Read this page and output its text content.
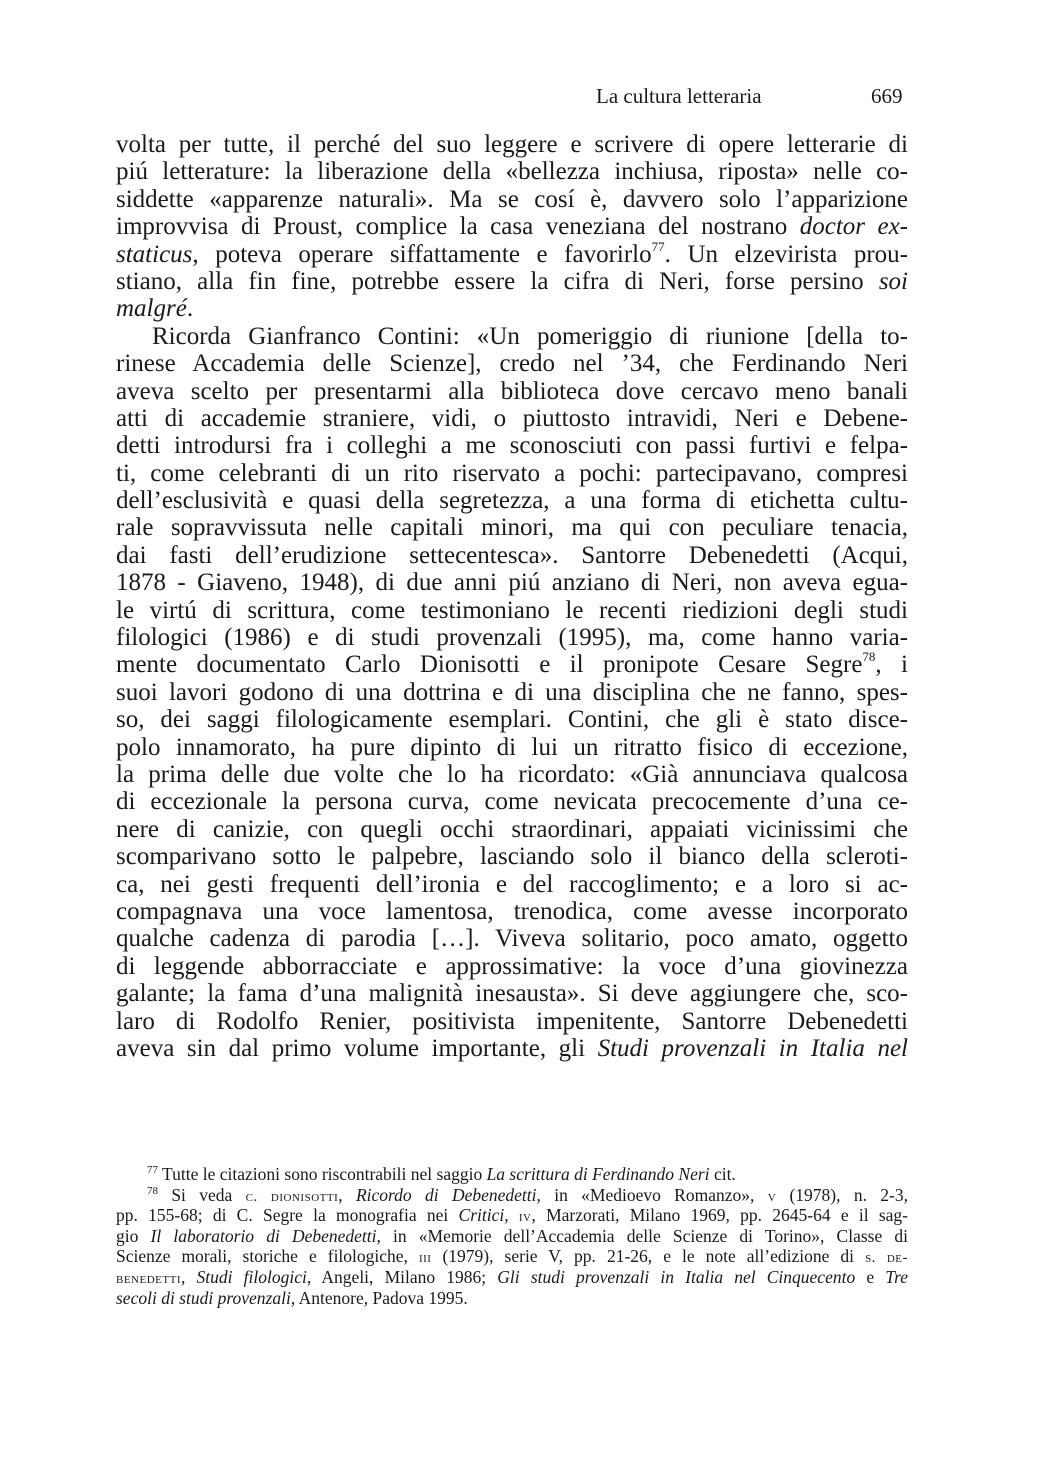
La cultura letteraria	669
volta per tutte, il perché del suo leggere e scrivere di opere letterarie di
piú letterature: la liberazione della «bellezza inchiusa, riposta» nelle co-
siddette «apparenze naturali». Ma se cosí è, davvero solo l’apparizione
improvvisa di Proust, complice la casa veneziana del nostrano doctor ex-
staticus, poteva operare siffattamente e favorirlo$^{77}$. Un elzevirista prou-
stiano, alla fin fine, potrebbe essere la cifra di Neri, forse persino soi
malgré.
Ricorda Gianfranco Contini: «Un pomeriggio di riunione [della to-
rinese Accademia delle Scienze], credo nel ’34, che Ferdinando Neri
aveva scelto per presentarmi alla biblioteca dove cercavo meno banali
atti di accademie straniere, vidi, o piuttosto intravidi, Neri e Debene-
detti introdursi fra i colleghi a me sconosciuti con passi furtivi e felpa-
ti, come celebranti di un rito riservato a pochi: partecipavano, compresi
dell’esclusività e quasi della segretezza, a una forma di etichetta cultu-
rale sopravvissuta nelle capitali minori, ma qui con peculiare tenacia,
dai fasti dell’erudizione settecentesca». Santorre Debenedetti (Acqui,
1878 - Giaveno, 1948), di due anni piú anziano di Neri, non aveva egua-
le virtú di scrittura, come testimoniano le recenti riedizioni degli studi
filologici (1986) e di studi provenzali (1995), ma, come hanno varia-
mente documentato Carlo Dionisotti e il pronipote Cesare Segre$^{78}$, i
suoi lavori godono di una dottrina e di una disciplina che ne fanno, spes-
so, dei saggi filologicamente esemplari. Contini, che gli è stato disce-
polo innamorato, ha pure dipinto di lui un ritratto fisico di eccezione,
la prima delle due volte che lo ha ricordato: «Già annunciava qualcosa
di eccezionale la persona curva, come nevicata precocemente d’una ce-
nere di canizie, con quegli occhi straordinari, appaiati vicinissimi che
scomparivano sotto le palpebre, lasciando solo il bianco della scleroti-
ca, nei gesti frequenti dell’ironia e del raccoglimento; e a loro si ac-
compagnava una voce lamentosa, trenodica, come avesse incorporato
qualche cadenza di parodia […]. Viveva solitario, poco amato, oggetto
di leggende abborracciate e approssimative: la voce d’una giovinezza
galante; la fama d’una malignità inesausta». Si deve aggiungere che, sco-
laro di Rodolfo Renier, positivista impenitente, Santorre Debenedetti
aveva sin dal primo volume importante, gli Studi provenzali in Italia nel
$^{77}$ Tutte le citazioni sono riscontrabili nel saggio La scrittura di Ferdinando Neri cit.
$^{78}$ Si veda c. dionisotti, Ricordo di Debenedetti, in «Medioevo Romanzo», v (1978), n. 2-3,
pp. 155-68; di C. Segre la monografia nei Critici, iv, Marzorati, Milano 1969, pp. 2645-64 e il sag-
gio Il laboratorio di Debenedetti, in «Memorie dell’Accademia delle Scienze di Torino», Classe di
Scienze morali, storiche e filologiche, iii (1979), serie V, pp. 21-26, e le note all’edizione di s. de-
benedetti, Studi filologici, Angeli, Milano 1986; Gli studi provenzali in Italia nel Cinquecento e Tre
secoli di studi provenzali, Antenore, Padova 1995.
